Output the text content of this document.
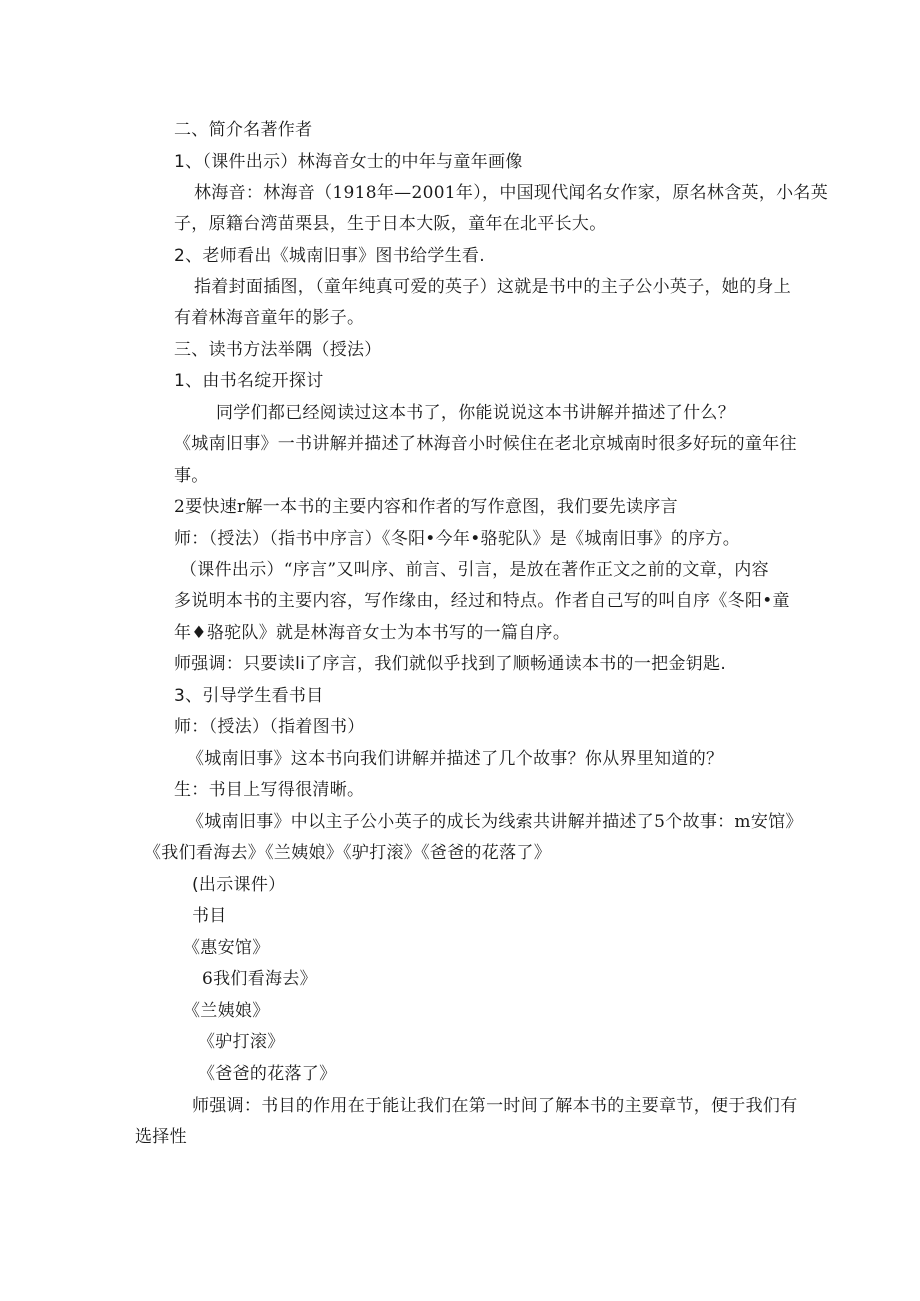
二、简介名著作者
1、（课件出示）林海音女士的中年与童年画像
林海音：林海音（1918年—2001年），中国现代闻名女作家，原名林含英，小名英
子，原籍台湾苗栗县，生于日本大阪，童年在北平长大。
2、老师看出《城南旧事》图书给学生看.
指着封面插图，（童年纯真可爱的英子）这就是书中的主子公小英子，她的身上
有着林海音童年的影子。
三、读书方法举隅（授法）
1、由书名绽开探讨
同学们都已经阅读过这本书了，你能说说这本书讲解并描述了什么？
《城南旧事》一书讲解并描述了林海音小时候住在老北京城南时很多好玩的童年往
事。
2要快速r解一本书的主要内容和作者的写作意图，我们要先读序言
师：（授法）（指书中序言）《冬阳•今年•骆驼队》是《城南旧事》的序方。
（课件出示）“序言”又叫序、前言、引言，是放在著作正文之前的文章，内容
多说明本书的主要内容，写作缘由，经过和特点。作者自己写的叫自序《冬阳•童
年♦骆驼队》就是林海音女士为本书写的一篇自序。
师强调：只要读li了序言，我们就似乎找到了顺畅通读本书的一把金钥匙.
3、引导学生看书目
师：（授法）（指着图书）
《城南旧事》这本书向我们讲解并描述了几个故事？你从界里知道的？
生：书目上写得很清晰。
《城南旧事》中以主子公小英子的成长为线索共讲解并描述了5个故事：m安馆》
《我们看海去》《兰姨娘》《驴打滚》《爸爸的花落了》
(出示课件）
书目
《惠安馆》
6我们看海去》
《兰姨娘》
《驴打滚》
《爸爸的花落了》
师强调：书目的作用在于能让我们在第一时间了解本书的主要章节，便于我们有
选择性
